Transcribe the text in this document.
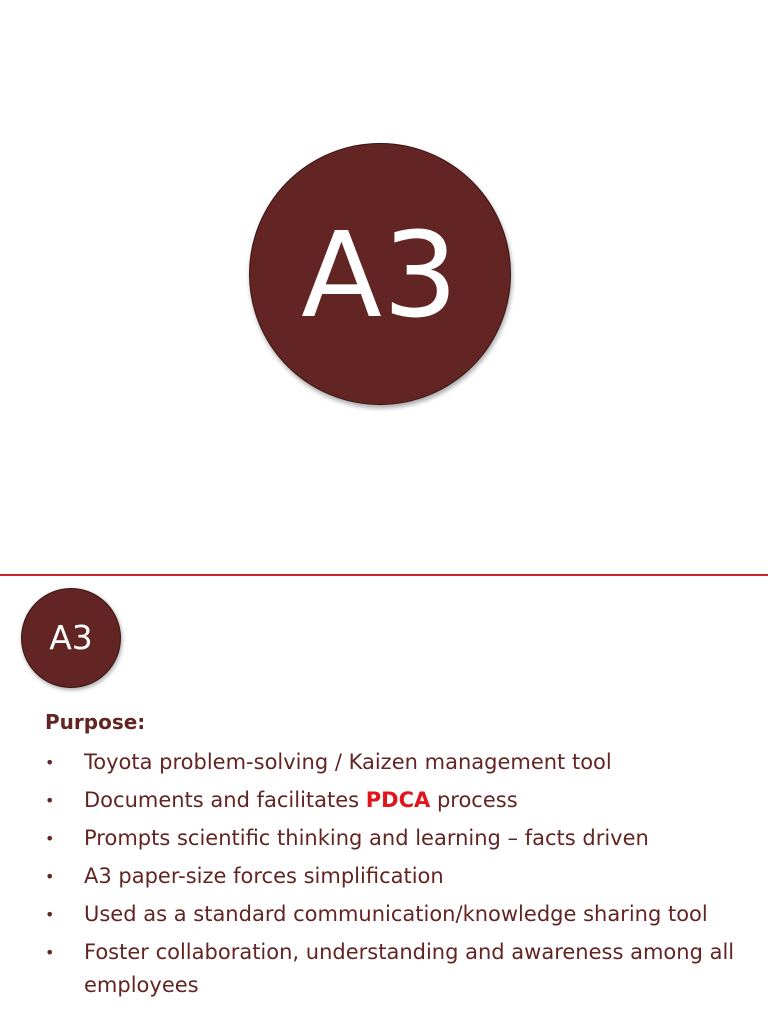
A3
A3
Purpose:
• Toyota problem-solving / Kaizen management tool
• Documents and facilitates PDCA process
• Prompts scientific thinking and learning – facts driven
• A3 paper-size forces simplification
• Used as a standard communication/knowledge sharing tool
• Foster collaboration, understanding and awareness among all employees
